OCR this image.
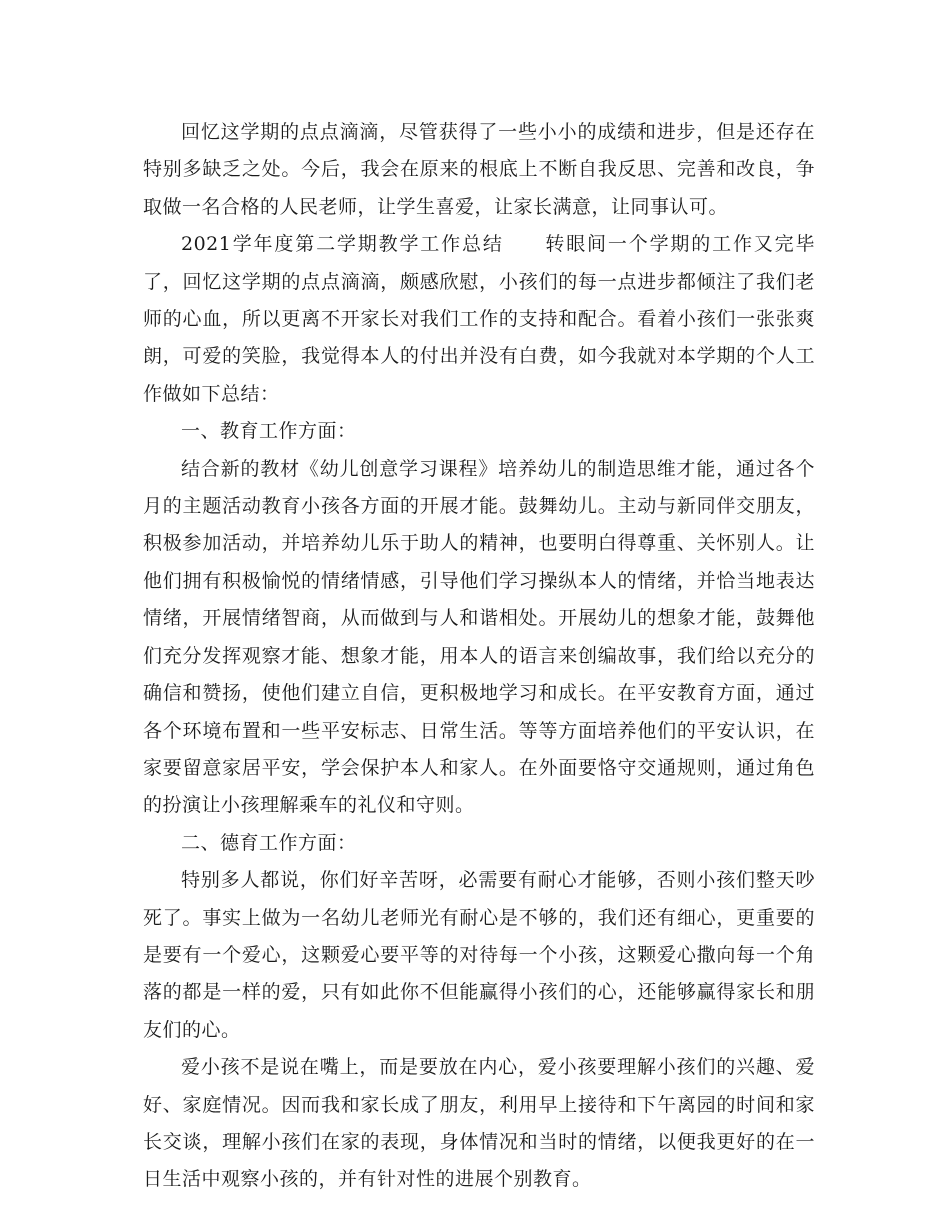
回忆这学期的点点滴滴，尽管获得了一些小小的成绩和进步，但是还存在特别多缺乏之处。今后，我会在原来的根底上不断自我反思、完善和改良，争取做一名合格的人民老师，让学生喜爱，让家长满意，让同事认可。

2021学年度第二学期教学工作总结　　转眼间一个学期的工作又完毕了，回忆这学期的点点滴滴，颇感欣慰，小孩们的每一点进步都倾注了我们老师的心血，所以更离不开家长对我们工作的支持和配合。看着小孩们一张张爽朗，可爱的笑脸，我觉得本人的付出并没有白费，如今我就对本学期的个人工作做如下总结：

一、教育工作方面：

结合新的教材《幼儿创意学习课程》培养幼儿的制造思维才能，通过各个月的主题活动教育小孩各方面的开展才能。鼓舞幼儿。主动与新同伴交朋友，积极参加活动，并培养幼儿乐于助人的精神，也要明白得尊重、关怀别人。让他们拥有积极愉悦的情绪情感，引导他们学习操纵本人的情绪，并恰当地表达情绪，开展情绪智商，从而做到与人和谐相处。开展幼儿的想象才能，鼓舞他们充分发挥观察才能、想象才能，用本人的语言来创编故事，我们给以充分的确信和赞扬，使他们建立自信，更积极地学习和成长。在平安教育方面，通过各个环境布置和一些平安标志、日常生活。等等方面培养他们的平安认识，在家要留意家居平安，学会保护本人和家人。在外面要恪守交通规则，通过角色的扮演让小孩理解乘车的礼仪和守则。

二、德育工作方面：

特别多人都说，你们好辛苦呀，必需要有耐心才能够，否则小孩们整天吵死了。事实上做为一名幼儿老师光有耐心是不够的，我们还有细心，更重要的是要有一个爱心，这颗爱心要平等的对待每一个小孩，这颗爱心撒向每一个角落的都是一样的爱，只有如此你不但能赢得小孩们的心，还能够赢得家长和朋友们的心。

爱小孩不是说在嘴上，而是要放在内心，爱小孩要理解小孩们的兴趣、爱好、家庭情况。因而我和家长成了朋友，利用早上接待和下午离园的时间和家长交谈，理解小孩们在家的表现，身体情况和当时的情绪，以便我更好的在一日生活中观察小孩的，并有针对性的进展个别教育。
